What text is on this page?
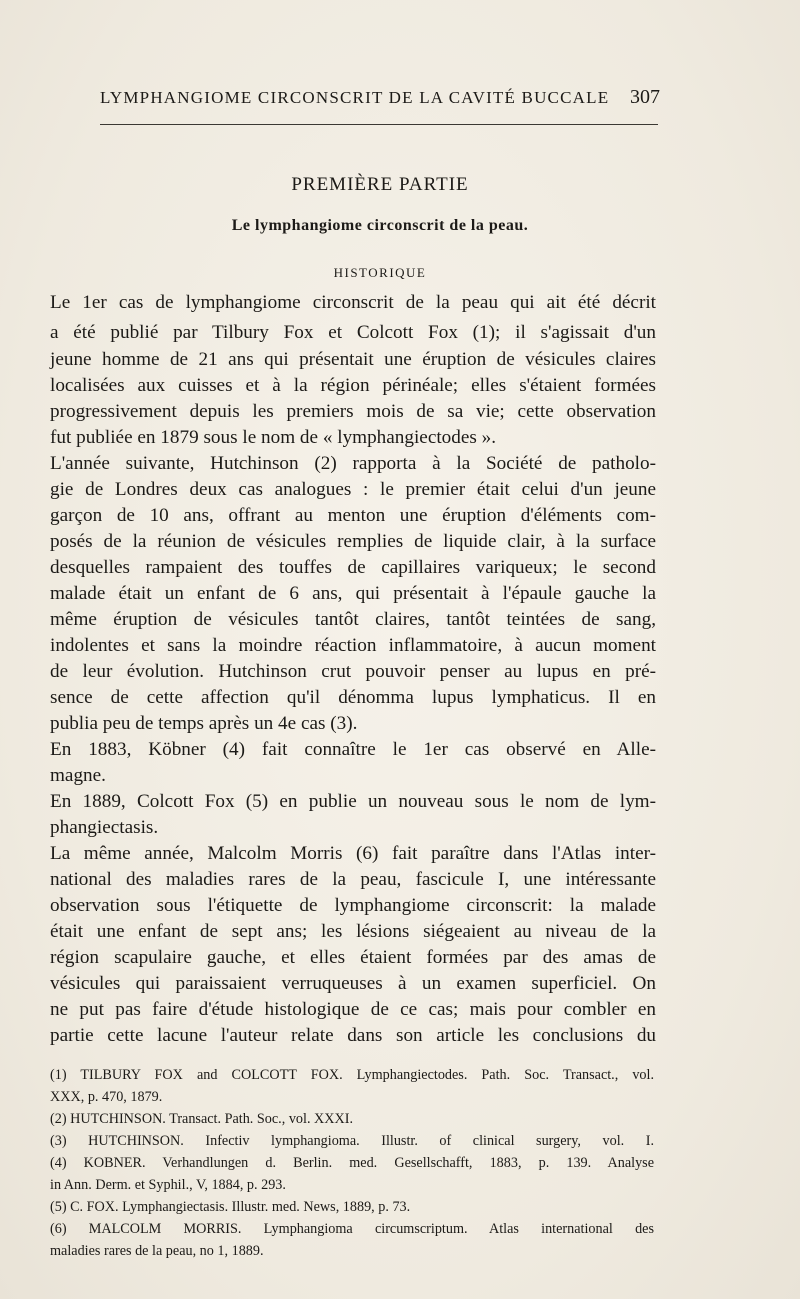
LYMPHANGIOME CIRCONSCRIT DE LA CAVITÉ BUCCALE 307
PREMIÈRE PARTIE
Le lymphangiome circonscrit de la peau.
HISTORIQUE
Le 1er cas de lymphangiome circonscrit de la peau qui ait été décrit
a été publié par Tilbury Fox et Colcott Fox (1); il s'agissait d'un
jeune homme de 21 ans qui présentait une éruption de vésicules claires
localisées aux cuisses et à la région périnéale; elles s'étaient formées
progressivement depuis les premiers mois de sa vie; cette observation
fut publiée en 1879 sous le nom de « lymphangiectodes ».
L'année suivante, Hutchinson (2) rapporta à la Société de patholo-
gie de Londres deux cas analogues : le premier était celui d'un jeune
garçon de 10 ans, offrant au menton une éruption d'éléments com-
posés de la réunion de vésicules remplies de liquide clair, à la surface
desquelles rampaient des touffes de capillaires variqueux; le second
malade était un enfant de 6 ans, qui présentait à l'épaule gauche la
même éruption de vésicules tantôt claires, tantôt teintées de sang,
indolentes et sans la moindre réaction inflammatoire, à aucun moment
de leur évolution. Hutchinson crut pouvoir penser au lupus en pré-
sence de cette affection qu'il dénomma lupus lymphaticus. Il en
publia peu de temps après un 4e cas (3).
En 1883, Köbner (4) fait connaître le 1er cas observé en Alle-
magne.
En 1889, Colcott Fox (5) en publie un nouveau sous le nom de lym-
phangiectasis.
La même année, Malcolm Morris (6) fait paraître dans l'Atlas inter-
national des maladies rares de la peau, fascicule I, une intéressante
observation sous l'étiquette de lymphangiome circonscrit: la malade
était une enfant de sept ans; les lésions siégeaient au niveau de la
région scapulaire gauche, et elles étaient formées par des amas de
vésicules qui paraissaient verruqueuses à un examen superficiel. On
ne put pas faire d'étude histologique de ce cas; mais pour combler en
partie cette lacune l'auteur relate dans son article les conclusions du
(1) TILBURY FOX and COLCOTT FOX. Lymphangiectodes. Path. Soc. Transact., vol.
XXX, p. 470, 1879.
(2) HUTCHINSON. Transact. Path. Soc., vol. XXXI.
(3) HUTCHINSON. Infectiv lymphangioma. Illustr. of clinical surgery, vol. I.
(4) KOBNER. Verhandlungen d. Berlin. med. Gesellschafft, 1883, p. 139. Analyse
in Ann. Derm. et Syphil., V, 1884, p. 293.
(5) C. FOX. Lymphangiectasis. Illustr. med. News, 1889, p. 73.
(6) MALCOLM MORRIS. Lymphangioma circumscriptum. Atlas international des
maladies rares de la peau, no 1, 1889.
